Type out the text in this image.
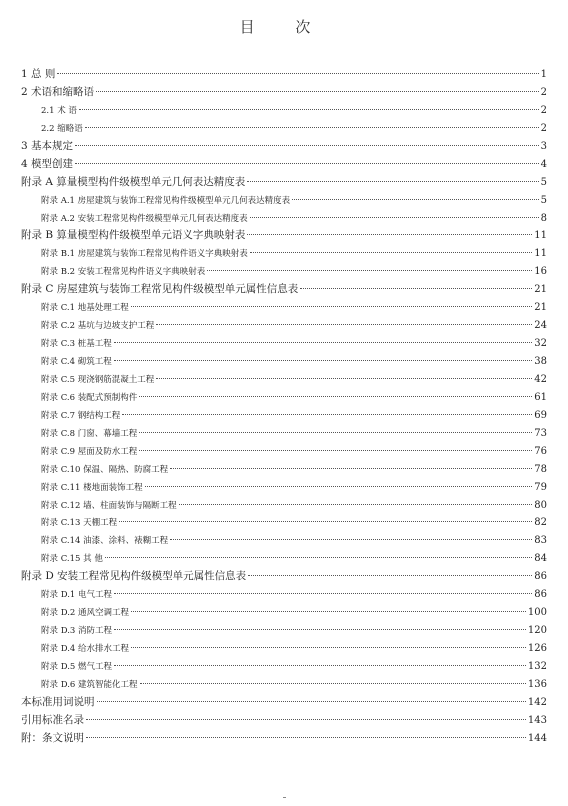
目 次
1 总 则	1
2 术语和缩略语	2
2.1 术 语	2
2.2 缩略语	2
3 基本规定	3
4 模型创建	4
附录 A 算量模型构件级模型单元几何表达精度表	5
附录 A.1 房屋建筑与装饰工程常见构件级模型单元几何表达精度表	5
附录 A.2 安装工程常见构件级模型单元几何表达精度表	8
附录 B 算量模型构件级模型单元语义字典映射表	11
附录 B.1 房屋建筑与装饰工程常见构件语义字典映射表	11
附录 B.2 安装工程常见构件语义字典映射表	16
附录 C 房屋建筑与装饰工程常见构件级模型单元属性信息表	21
附录 C.1 地基处理工程	21
附录 C.2 基坑与边坡支护工程	24
附录 C.3 桩基工程	32
附录 C.4 砌筑工程	38
附录 C.5 现浇钢筋混凝土工程	42
附录 C.6 装配式预制构件	61
附录 C.7 钢结构工程	69
附录 C.8 门窗、幕墙工程	73
附录 C.9 屋面及防水工程	76
附录 C.10 保温、隔热、防腐工程	78
附录 C.11 楼地面装饰工程	79
附录 C.12 墙、柱面装饰与隔断工程	80
附录 C.13 天棚工程	82
附录 C.14 油漆、涂料、裱糊工程	83
附录 C.15 其 他	84
附录 D 安装工程常见构件级模型单元属性信息表	86
附录 D.1 电气工程	86
附录 D.2 通风空调工程	100
附录 D.3 消防工程	120
附录 D.4 给水排水工程	126
附录 D.5 燃气工程	132
附录 D.6 建筑智能化工程	136
本标准用词说明	142
引用标准名录	143
附：条文说明	144
